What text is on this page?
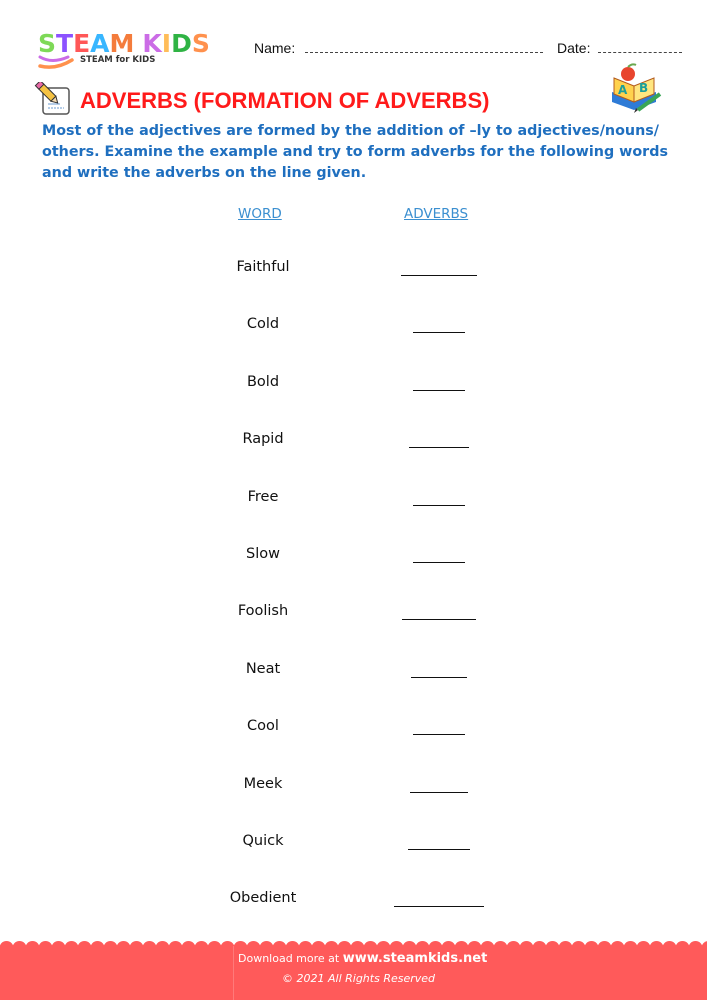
STEAM KIDS
STEAM for KIDS
Name:	Date:
ADVERBS (FORMATION OF ADVERBS)	A B
Most of the adjectives are formed by the addition of –ly to adjectives/nouns/ others. Examine the example and try to form adverbs for the following words and write the adverbs on the line given.
WORD	ADVERBS
Faithful
Cold
Bold
Rapid
Free
Slow
Foolish
Neat
Cool
Meek
Quick
Obedient
Download more at www.steamkids.net
© 2021 All Rights Reserved
